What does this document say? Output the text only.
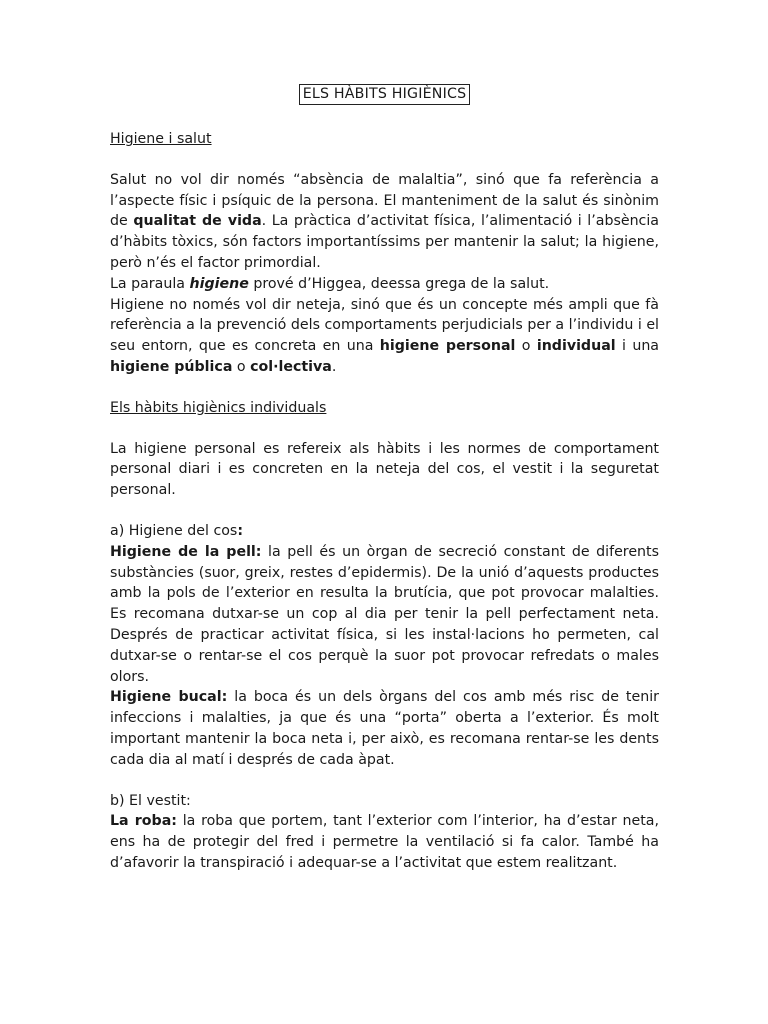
ELS HÀBITS HIGIÈNICS
Higiene i salut

Salut no vol dir només “absència de malaltia”, sinó que fa referència a l’aspecte físic i psíquic de la persona. El manteniment de la salut és sinònim de qualitat de vida. La pràctica d’activitat física, l’alimentació i l’absència d’hàbits tòxics, són factors importantíssims per mantenir la salut; la higiene, però n’és el factor primordial.

La paraula higiene prové d’Higgea, deessa grega de la salut.

Higiene no només vol dir neteja, sinó que és un concepte més ampli que fà referència a la prevenció dels comportaments perjudicials per a l’individu i el seu entorn, que es concreta en una higiene personal o individual i una higiene pública o col·lectiva.

Els hàbits higiènics individuals

La higiene personal es refereix als hàbits i les normes de comportament personal diari i es concreten en la neteja del cos, el vestit i la seguretat personal.

a) Higiene del cos:

Higiene de la pell: la pell és un òrgan de secreció constant de diferents substàncies (suor, greix, restes d’epidermis). De la unió d’aquests productes amb la pols de l’exterior en resulta la brutícia, que pot provocar malalties. Es recomana dutxar-se un cop al dia per tenir la pell perfectament neta. Després de practicar activitat física, si les instal·lacions ho permeten, cal dutxar-se o rentar-se el cos perquè la suor pot provocar refredats o males olors.

Higiene bucal: la boca és un dels òrgans del cos amb més risc de tenir infeccions i malalties, ja que és una “porta” oberta a l’exterior. És molt important mantenir la boca neta i, per això, es recomana rentar-se les dents cada dia al matí i després de cada àpat.

b) El vestit:

La roba: la roba que portem, tant l’exterior com l’interior, ha d’estar neta, ens ha de protegir del fred i permetre la ventilació si fa calor. També ha d’afavorir la transpiració i adequar-se a l’activitat que estem realitzant.
